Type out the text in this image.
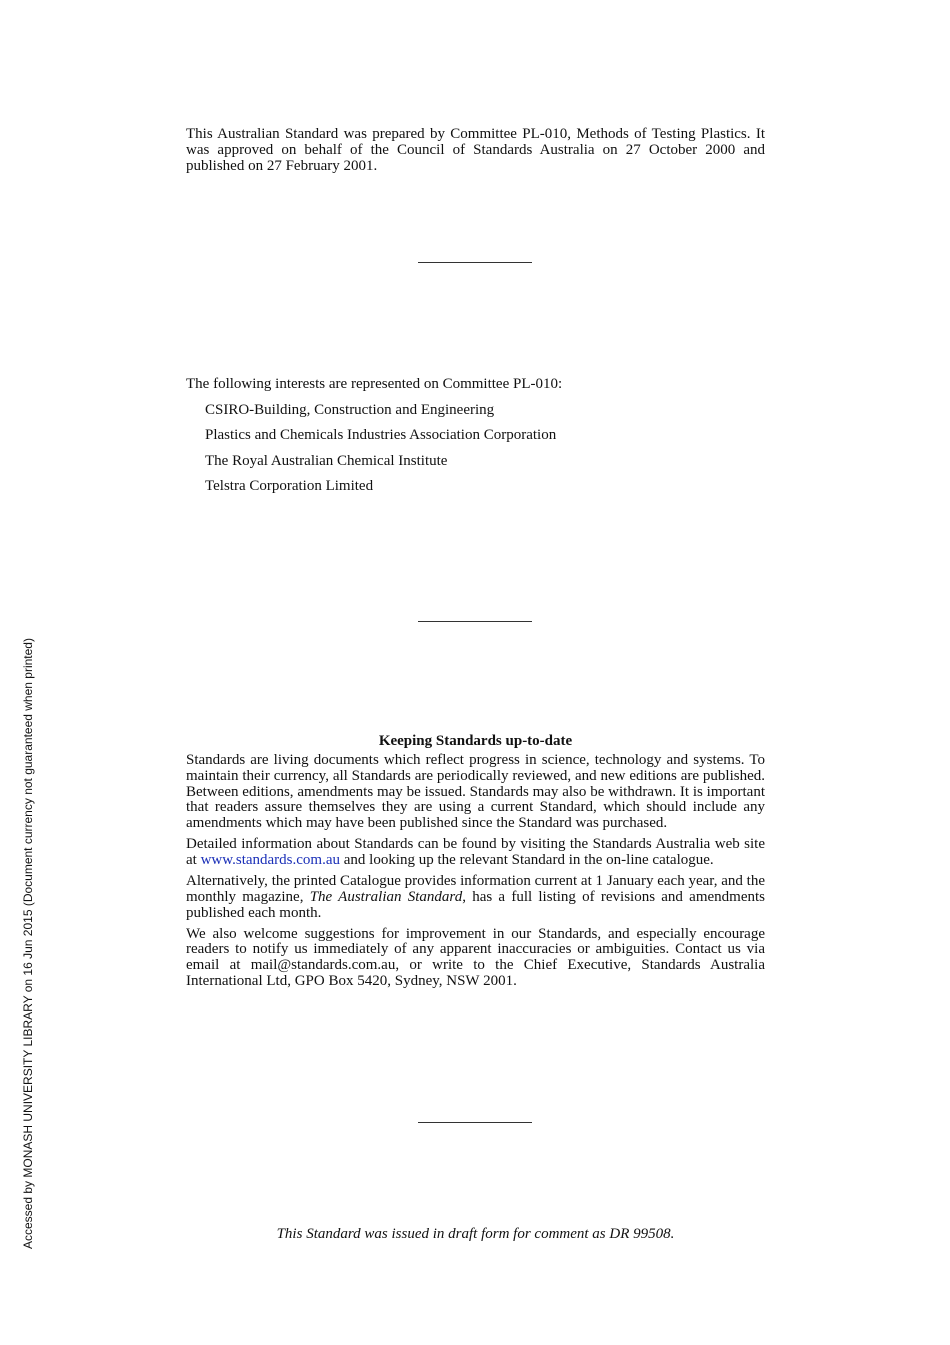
This Australian Standard was prepared by Committee PL-010, Methods of Testing Plastics. It was approved on behalf of the Council of Standards Australia on 27 October 2000 and published on 27 February 2001.

The following interests are represented on Committee PL-010:

CSIRO-Building, Construction and Engineering
Plastics and Chemicals Industries Association Corporation
The Royal Australian Chemical Institute
Telstra Corporation Limited
Keeping Standards up-to-date

Standards are living documents which reflect progress in science, technology and systems. To maintain their currency, all Standards are periodically reviewed, and new editions are published. Between editions, amendments may be issued. Standards may also be withdrawn. It is important that readers assure themselves they are using a current Standard, which should include any amendments which may have been published since the Standard was purchased.

Detailed information about Standards can be found by visiting the Standards Australia web site at www.standards.com.au and looking up the relevant Standard in the on-line catalogue.

Alternatively, the printed Catalogue provides information current at 1 January each year, and the monthly magazine, The Australian Standard, has a full listing of revisions and amendments published each month.

We also welcome suggestions for improvement in our Standards, and especially encourage readers to notify us immediately of any apparent inaccuracies or ambiguities. Contact us via email at mail@standards.com.au, or write to the Chief Executive, Standards Australia International Ltd, GPO Box 5420, Sydney, NSW 2001.

This Standard was issued in draft form for comment as DR 99508.
Accessed by MONASH UNIVERSITY LIBRARY on 16 Jun 2015 (Document currency not guaranteed when printed)
